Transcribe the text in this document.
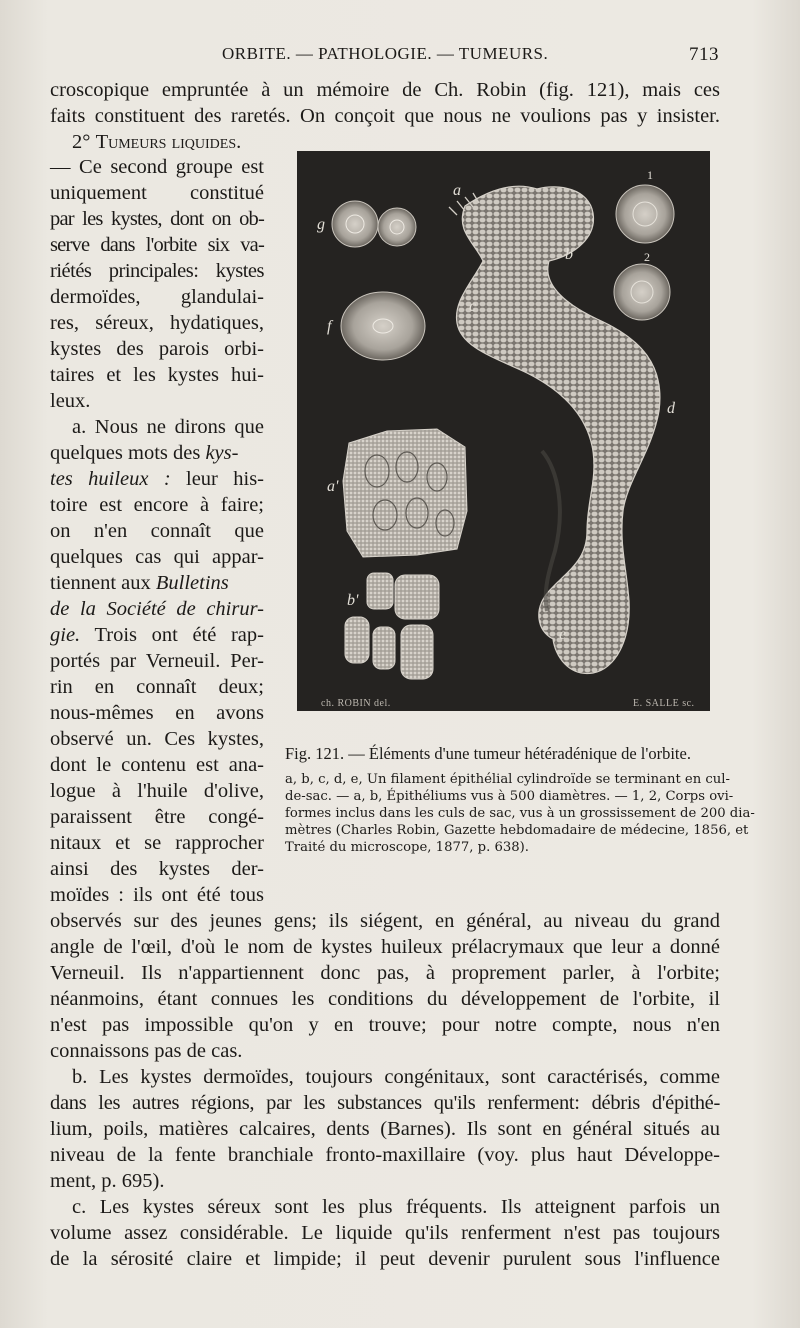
ORBITE. — PATHOLOGIE. — TUMEURS.	713
croscopique empruntée à un mémoire de Ch. Robin (fig. 121), mais ces
faits constituent des raretés. On conçoit que nous ne voulions pas y insister.
2° Tumeurs liquides.
— Ce second groupe est
uniquement constitué
par les kystes, dont on ob-
serve dans l'orbite six va-
riétés principales: kystes
dermoïdes, glandulai-
res, séreux, hydatiques,
kystes des parois orbi-
taires et les kystes hui-
leux.
a. Nous ne dirons que
quelques mots des kys-
tes huileux : leur his-
toire est encore à faire;
on n'en connaît que
quelques cas qui appar-
tiennent aux Bulletins
de la Société de chirur-
gie. Trois ont été rap-
portés par Verneuil. Per-
rin en connaît deux;
nous-mêmes en avons
observé un. Ces kystes,
dont le contenu est ana-
logue à l'huile d'olive,
paraissent être congé-
nitaux et se rapprocher
ainsi des kystes der-
moïdes : ils ont été tous
a
b
c
d
e
f
g
a'
b'
1
2
ch. ROBIN del.	E. SALLE sc.
Fig. 121. — Éléments d'une tumeur hétéradénique de l'orbite.
a, b, c, d, e, Un filament épithélial cylindroïde se terminant en cul-
de-sac. — a, b, Épithéliums vus à 500 diamètres. — 1, 2, Corps ovi-
formes inclus dans les culs de sac, vus à un grossissement de 200 dia-
mètres (Charles Robin, Gazette hebdomadaire de médecine, 1856, et
Traité du microscope, 1877, p. 638).
observés sur des jeunes gens; ils siégent, en général, au niveau du grand
angle de l'œil, d'où le nom de kystes huileux prélacrymaux que leur a donné
Verneuil. Ils n'appartiennent donc pas, à proprement parler, à l'orbite;
néanmoins, étant connues les conditions du développement de l'orbite, il
n'est pas impossible qu'on y en trouve; pour notre compte, nous n'en
connaissons pas de cas.
b. Les kystes dermoïdes, toujours congénitaux, sont caractérisés, comme
dans les autres régions, par les substances qu'ils renferment: débris d'épithé-
lium, poils, matières calcaires, dents (Barnes). Ils sont en général situés au
niveau de la fente branchiale fronto-maxillaire (voy. plus haut Développe-
ment, p. 695).
c. Les kystes séreux sont les plus fréquents. Ils atteignent parfois un
volume assez considérable. Le liquide qu'ils renferment n'est pas toujours
de la sérosité claire et limpide; il peut devenir purulent sous l'influence
